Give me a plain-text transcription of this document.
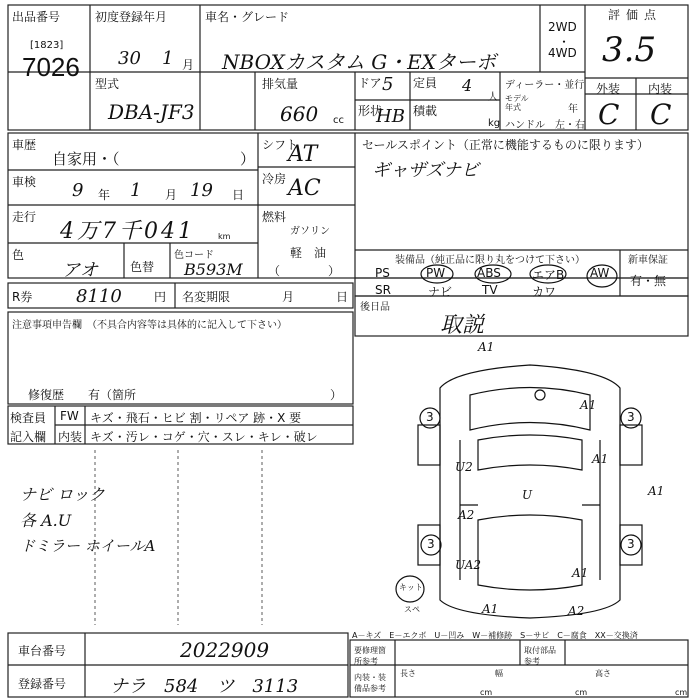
出品番号
[1823]
7026
初度登録年月
30 1 月
車名・グレード
NBOXカスタム G・EXターボ
2WD
・
4WD
評価点
3.5
型式
DBA-JF3
排気量
660 cc
ドア 5 定員 4
人
形状
HB 積載
kg
ディーラー・並行
モデル年式	年
ハンドル　左・右
外装 内装
C C
車歴
自家用・（	）
車検 9 年 1 月 19 日
走行
4万7千041	km
色
アオ	色替
色コード
B593M
シフト
AT
冷房 AC
燃料
ガソリン
軽　油
（　　　　）
セールスポイント（正常に機能するものに限ります）
ギャザズナビ
装備品（純正品に限り丸をつけて下さい）	新車保証
有・無
PS	PW	ABS	エアB AW
SR	ナビ TV	カワ
R券 8110	円 名変期限	月	日
後日品
取説
注意事項申告欄　（不具合内容等は具体的に記入して下さい）
修復歴　　有（箇所	）
検査員
記入欄
FW キズ・飛石・ヒビ 割・リペア 跡・X 要
内装 キズ・汚レ・コゲ・穴・スレ・キレ・破レ
ナビ ロック
各 A.U
ドミラー ホイールA
A1
A1
U2
A1
U
A2
A1
UA2
A1
A1	A2
3	3
3	3
キット
スペ
A－キズ　E－エクボ　U－凹み　W－補修跡　S－サビ　C－腐食　XX－交換済
要修理箇所参考
取付部品参考
内装・装備品参考
長さ	幅	高さ
cm	cm	cm
車台番号	2022909
登録番号 ナラ　584　ツ　3113
